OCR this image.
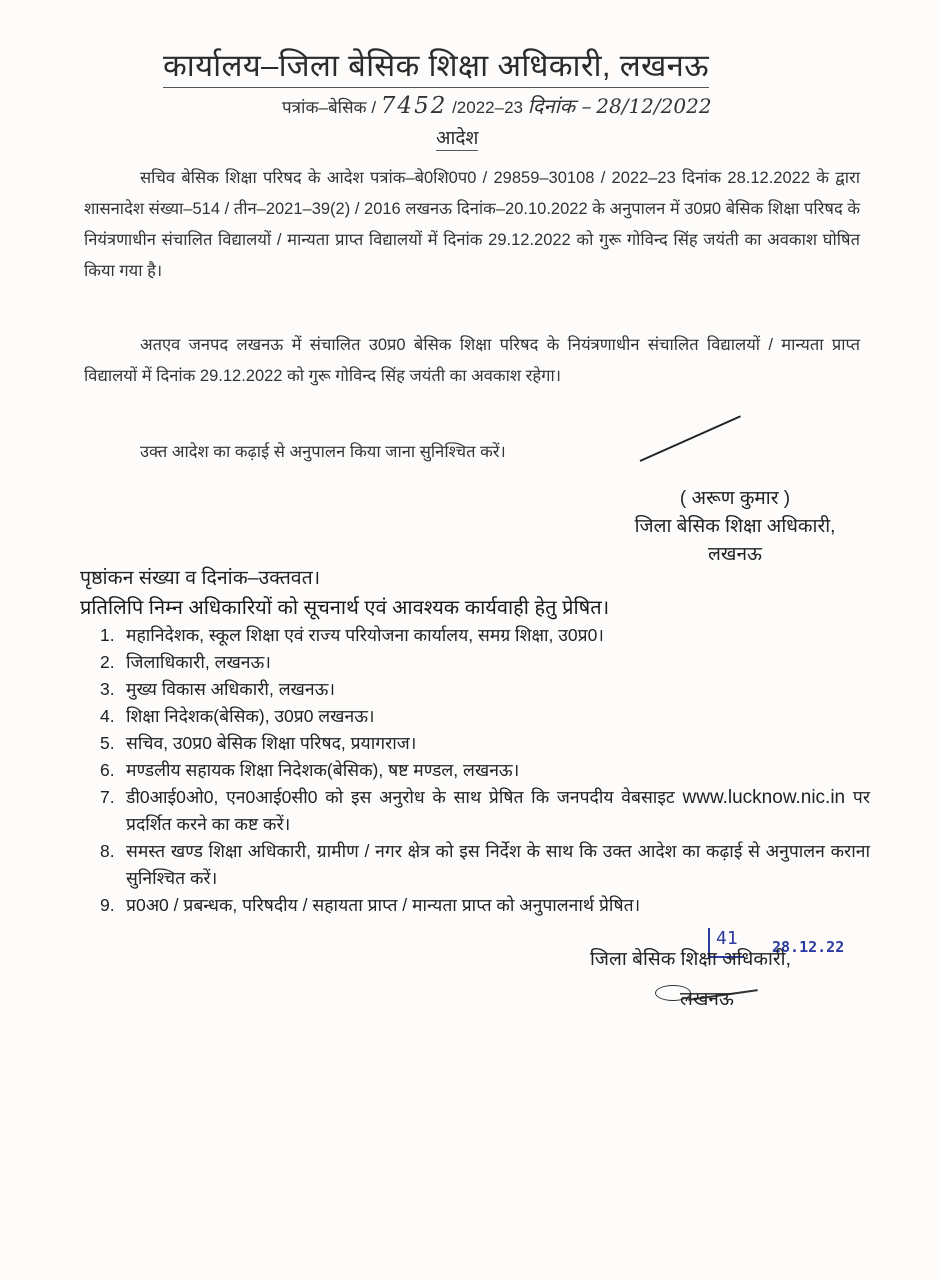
कार्यालय–जिला बेसिक शिक्षा अधिकारी, लखनऊ
पत्रांक–बेसिक / 7452 /2022–23 दिनांक – 28/12/2022
आदेश
सचिव बेसिक शिक्षा परिषद के आदेश पत्रांक–बे0शि0प0 / 29859–30108 / 2022–23 दिनांक 28.12.2022 के द्वारा शासनादेश संख्या–514 / तीन–2021–39(2) / 2016 लखनऊ दिनांक–20.10.2022 के अनुपालन में उ0प्र0 बेसिक शिक्षा परिषद के नियंत्रणाधीन संचालित विद्यालयों / मान्यता प्राप्त विद्यालयों में दिनांक 29.12.2022 को गुरू गोविन्द सिंह जयंती का अवकाश घोषित किया गया है।
अतएव जनपद लखनऊ में संचालित उ0प्र0 बेसिक शिक्षा परिषद के नियंत्रणाधीन संचालित विद्यालयों / मान्यता प्राप्त विद्यालयों में दिनांक 29.12.2022 को गुरू गोविन्द सिंह जयंती का अवकाश रहेगा।
उक्त आदेश का कढ़ाई से अनुपालन किया जाना सुनिश्चित करें।
( अरूण कुमार )
जिला बेसिक शिक्षा अधिकारी,
लखनऊ
पृष्ठांकन संख्या व दिनांक–उक्तवत।
प्रतिलिपि निम्न अधिकारियों को सूचनार्थ एवं आवश्यक कार्यवाही हेतु प्रेषित।
1. महानिदेशक, स्कूल शिक्षा एवं राज्य परियोजना कार्यालय, समग्र शिक्षा, उ0प्र0।
2. जिलाधिकारी, लखनऊ।
3. मुख्य विकास अधिकारी, लखनऊ।
4. शिक्षा निदेशक(बेसिक), उ0प्र0 लखनऊ।
5. सचिव, उ0प्र0 बेसिक शिक्षा परिषद, प्रयागराज।
6. मण्डलीय सहायक शिक्षा निदेशक(बेसिक), षष्ट मण्डल, लखनऊ।
7. डी0आई0ओ0, एन0आई0सी0 को इस अनुरोध के साथ प्रेषित कि जनपदीय वेबसाइट www.lucknow.nic.in पर प्रदर्शित करने का कष्ट करें।
8. समस्त खण्ड शिक्षा अधिकारी, ग्रामीण / नगर क्षेत्र को इस निर्देश के साथ कि उक्त आदेश का कढ़ाई से अनुपालन कराना सुनिश्चित करें।
9. प्र0अ0 / प्रबन्धक, परिषदीय / सहायता प्राप्त / मान्यता प्राप्त को अनुपालनार्थ प्रेषित।
41	28.12.22
जिला बेसिक शिक्षा अधिकारी,
लखनऊ
